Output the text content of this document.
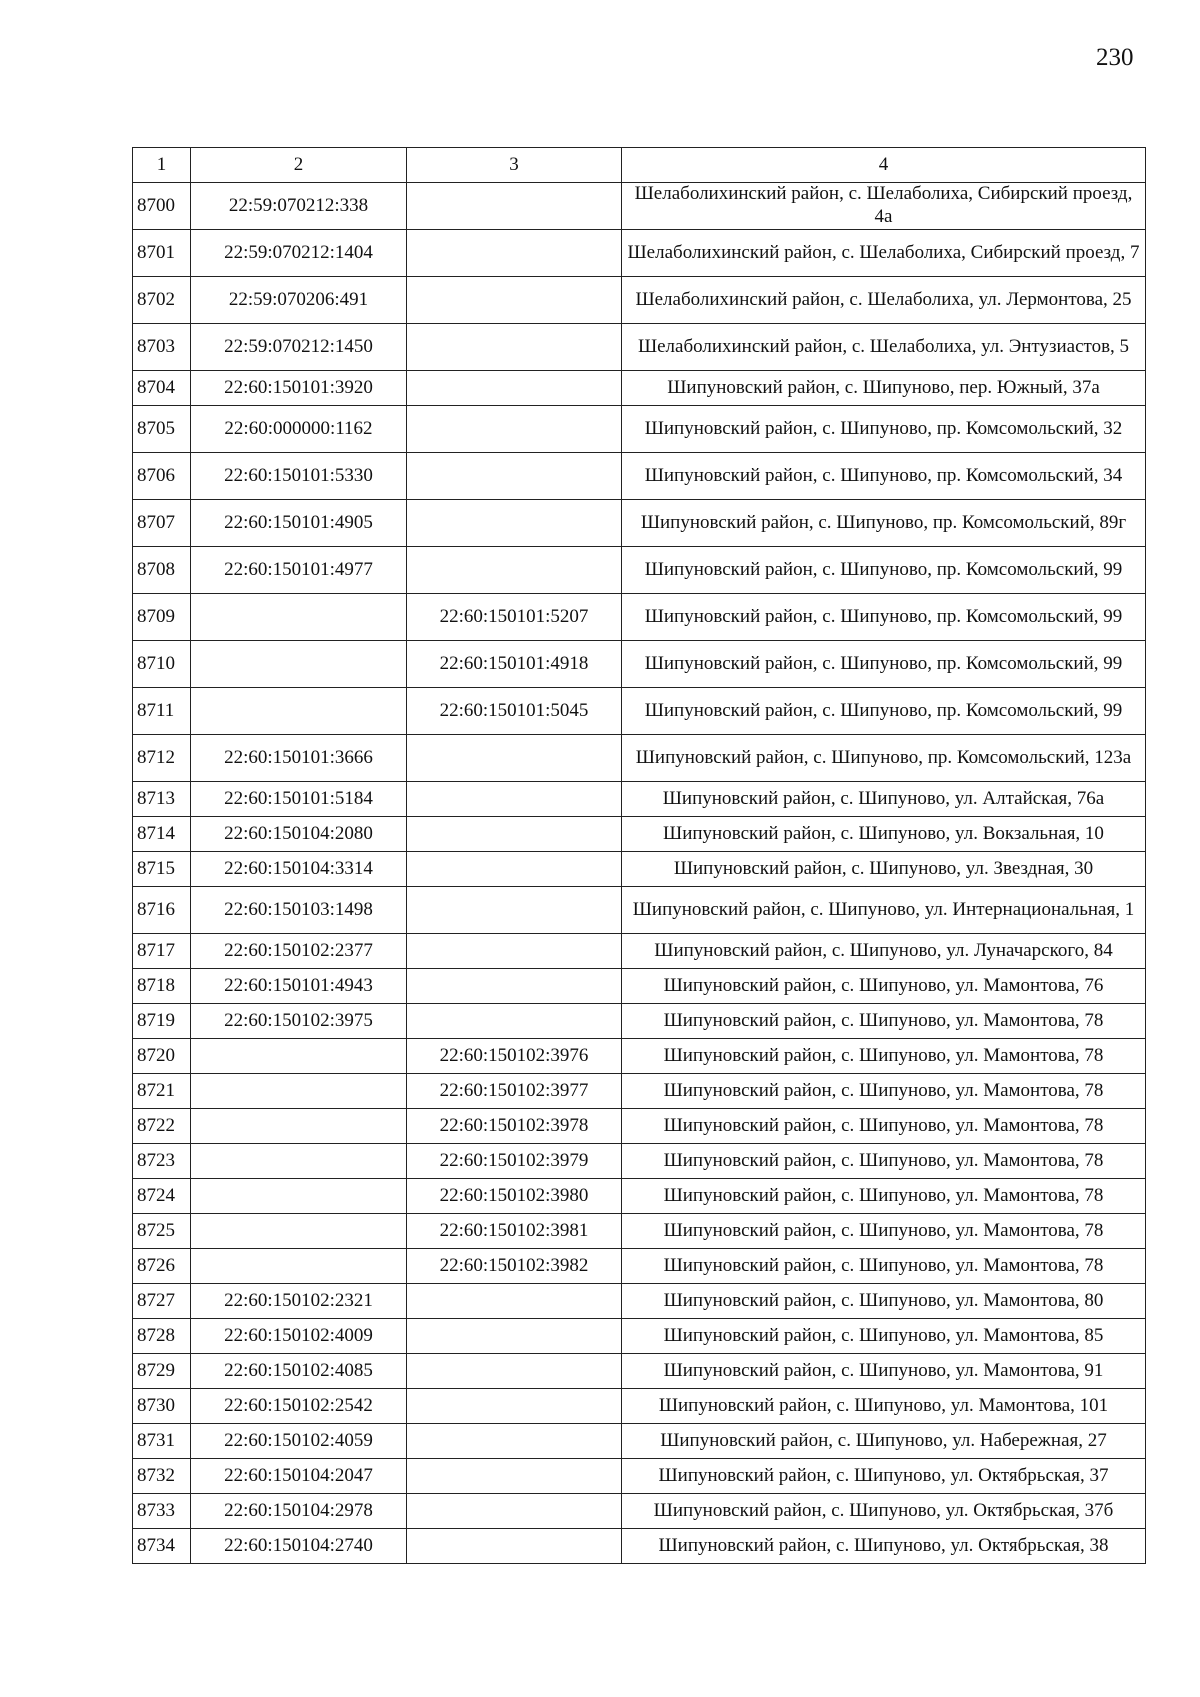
230
1	2	3	4
8700	22:59:070212:338		Шелаболихинский район, с. Шелаболиха, Сибирский проезд, 4а
8701	22:59:070212:1404		Шелаболихинский район, с. Шелаболиха, Сибирский проезд, 7
8702	22:59:070206:491		Шелаболихинский район, с. Шелаболиха, ул. Лермонтова, 25
8703	22:59:070212:1450		Шелаболихинский район, с. Шелаболиха, ул. Энтузиастов, 5
8704	22:60:150101:3920		Шипуновский район, с. Шипуново, пер. Южный, 37а
8705	22:60:000000:1162		Шипуновский район, с. Шипуново, пр. Комсомольский, 32
8706	22:60:150101:5330		Шипуновский район, с. Шипуново, пр. Комсомольский, 34
8707	22:60:150101:4905		Шипуновский район, с. Шипуново, пр. Комсомольский, 89г
8708	22:60:150101:4977		Шипуновский район, с. Шипуново, пр. Комсомольский, 99
8709		22:60:150101:5207	Шипуновский район, с. Шипуново, пр. Комсомольский, 99
8710		22:60:150101:4918	Шипуновский район, с. Шипуново, пр. Комсомольский, 99
8711		22:60:150101:5045	Шипуновский район, с. Шипуново, пр. Комсомольский, 99
8712	22:60:150101:3666		Шипуновский район, с. Шипуново, пр. Комсомольский, 123а
8713	22:60:150101:5184		Шипуновский район, с. Шипуново, ул. Алтайская, 76а
8714	22:60:150104:2080		Шипуновский район, с. Шипуново, ул. Вокзальная, 10
8715	22:60:150104:3314		Шипуновский район, с. Шипуново, ул. Звездная, 30
8716	22:60:150103:1498		Шипуновский район, с. Шипуново, ул. Интернациональная, 1
8717	22:60:150102:2377		Шипуновский район, с. Шипуново, ул. Луначарского, 84
8718	22:60:150101:4943		Шипуновский район, с. Шипуново, ул. Мамонтова, 76
8719	22:60:150102:3975		Шипуновский район, с. Шипуново, ул. Мамонтова, 78
8720		22:60:150102:3976	Шипуновский район, с. Шипуново, ул. Мамонтова, 78
8721		22:60:150102:3977	Шипуновский район, с. Шипуново, ул. Мамонтова, 78
8722		22:60:150102:3978	Шипуновский район, с. Шипуново, ул. Мамонтова, 78
8723		22:60:150102:3979	Шипуновский район, с. Шипуново, ул. Мамонтова, 78
8724		22:60:150102:3980	Шипуновский район, с. Шипуново, ул. Мамонтова, 78
8725		22:60:150102:3981	Шипуновский район, с. Шипуново, ул. Мамонтова, 78
8726		22:60:150102:3982	Шипуновский район, с. Шипуново, ул. Мамонтова, 78
8727	22:60:150102:2321		Шипуновский район, с. Шипуново, ул. Мамонтова, 80
8728	22:60:150102:4009		Шипуновский район, с. Шипуново, ул. Мамонтова, 85
8729	22:60:150102:4085		Шипуновский район, с. Шипуново, ул. Мамонтова, 91
8730	22:60:150102:2542		Шипуновский район, с. Шипуново, ул. Мамонтова, 101
8731	22:60:150102:4059		Шипуновский район, с. Шипуново, ул. Набережная, 27
8732	22:60:150104:2047		Шипуновский район, с. Шипуново, ул. Октябрьская, 37
8733	22:60:150104:2978		Шипуновский район, с. Шипуново, ул. Октябрьская, 37б
8734	22:60:150104:2740		Шипуновский район, с. Шипуново, ул. Октябрьская, 38
